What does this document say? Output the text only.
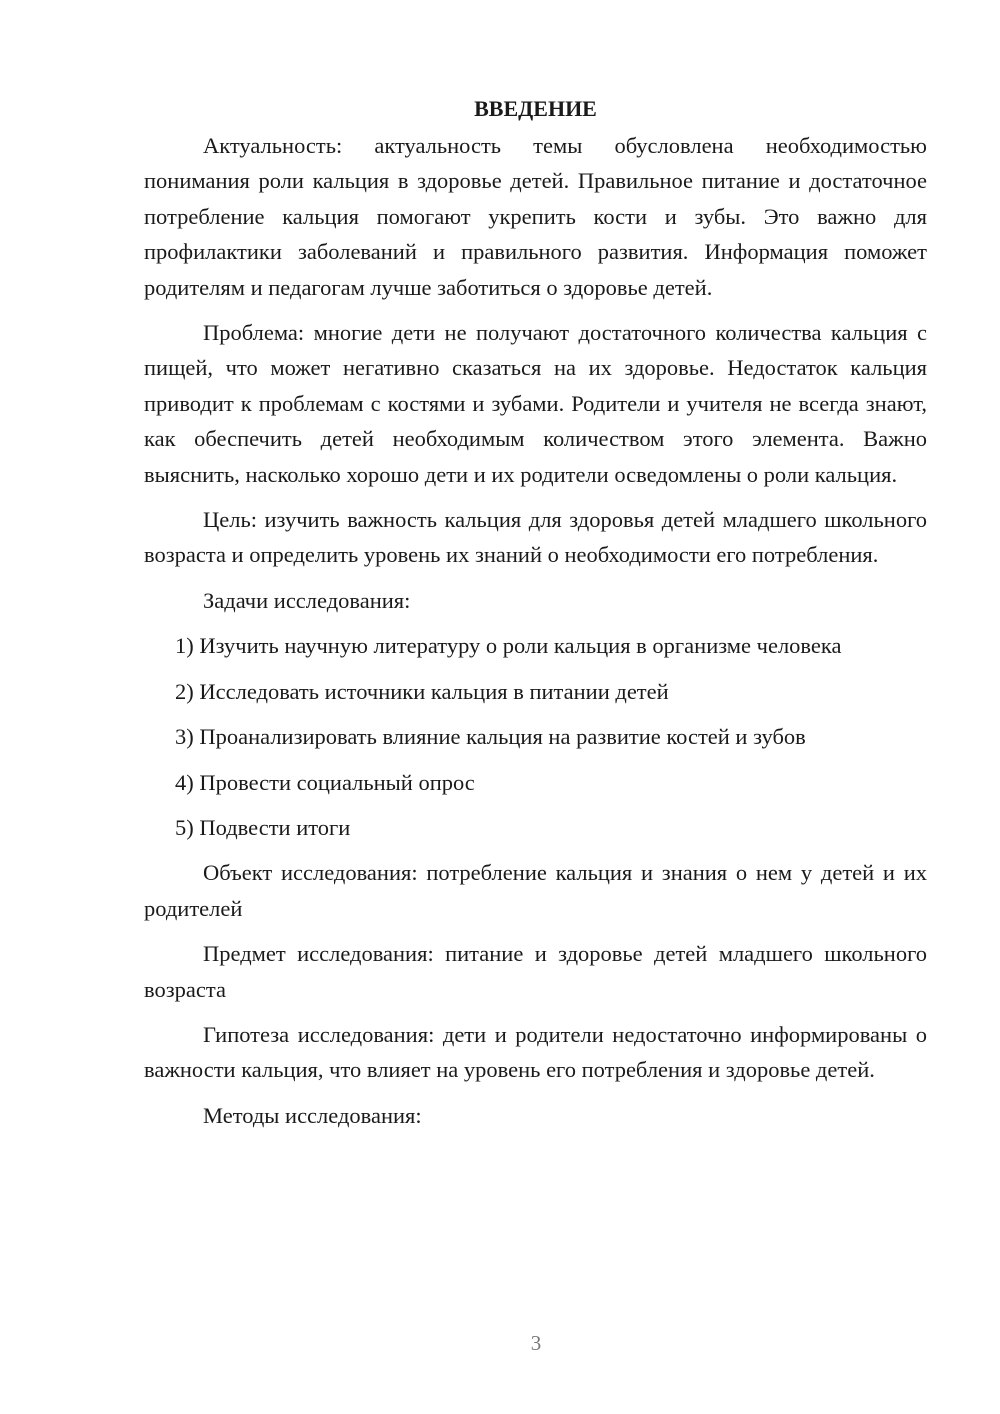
ВВЕДЕНИЕ

Актуальность: актуальность темы обусловлена необходимостью понимания роли кальция в здоровье детей. Правильное питание и достаточное потребление кальция помогают укрепить кости и зубы. Это важно для профилактики заболеваний и правильного развития. Информация поможет родителям и педагогам лучше заботиться о здоровье детей.

Проблема: многие дети не получают достаточного количества кальция с пищей, что может негативно сказаться на их здоровье. Недостаток кальция приводит к проблемам с костями и зубами. Родители и учителя не всегда знают, как обеспечить детей необходимым количеством этого элемента. Важно выяснить, насколько хорошо дети и их родители осведомлены о роли кальция.

Цель: изучить важность кальция для здоровья детей младшего школьного возраста и определить уровень их знаний о необходимости его потребления.

Задачи исследования:

1) Изучить научную литературу о роли кальция в организме человека
2) Исследовать источники кальция в питании детей
3) Проанализировать влияние кальция на развитие костей и зубов
4) Провести социальный опрос
5) Подвести итоги

Объект исследования: потребление кальция и знания о нем у детей и их родителей

Предмет исследования: питание и здоровье детей младшего школьного возраста

Гипотеза исследования: дети и родители недостаточно информированы о важности кальция, что влияет на уровень его потребления и здоровье детей.

Методы исследования:

3
